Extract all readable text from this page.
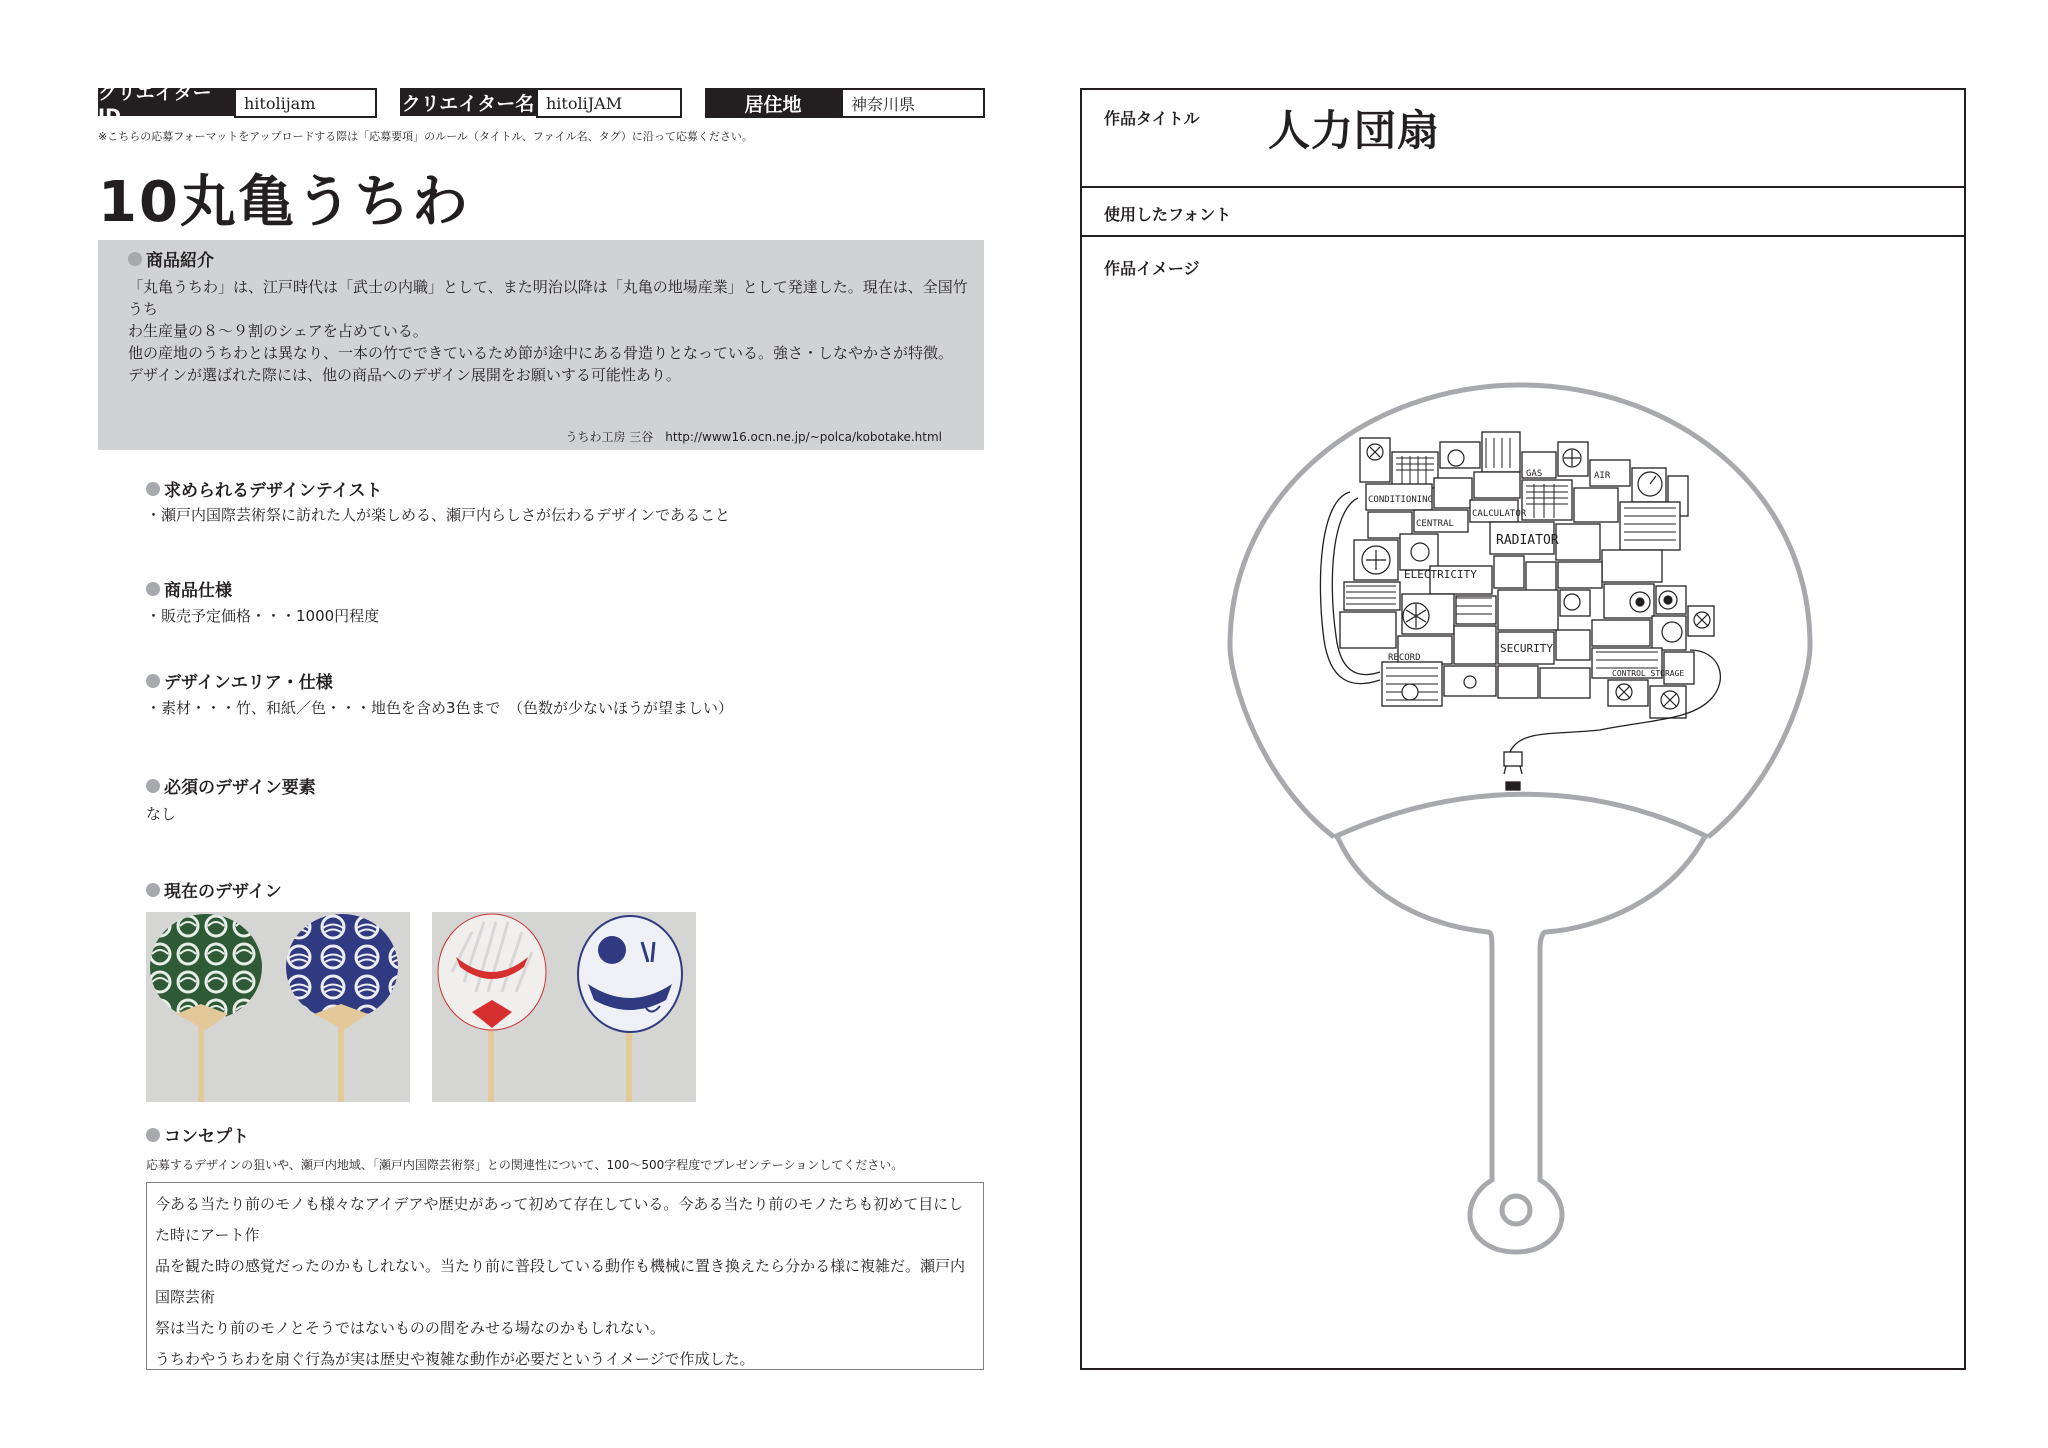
クリエイターID
hitolijam	クリエイター名 hitoliJAM	居住地	神奈川県
※こちらの応募フォーマットをアップロードする際は「応募要項」のルール（タイトル、ファイル名、タグ）に沿って応募ください。
10丸亀うちわ
商品紹介
「丸亀うちわ」は、江戸時代は「武士の内職」として、また明治以降は「丸亀の地場産業」として発達した。現在は、全国竹うち
わ生産量の８～９割のシェアを占めている。
他の産地のうちわとは異なり、一本の竹でできているため節が途中にある骨造りとなっている。強さ・しなやかさが特徴。
デザインが選ばれた際には、他の商品へのデザイン展開をお願いする可能性あり。
うちわ工房 三谷　http://www16.ocn.ne.jp/~polca/kobotake.html
求められるデザインテイスト
・瀬戸内国際芸術祭に訪れた人が楽しめる、瀬戸内らしさが伝わるデザインであること
商品仕様
・販売予定価格・・・1000円程度
デザインエリア・仕様
・素材・・・竹、和紙／色・・・地色を含め3色まで　（色数が少ないほうが望ましい）
必須のデザイン要素
なし
現在のデザイン
コンセプト
応募するデザインの狙いや、瀬戸内地域、「瀬戸内国際芸術祭」との関連性について、100～500字程度でプレゼンテーションしてください。
今ある当たり前のモノも様々なアイデアや歴史があって初めて存在している。今ある当たり前のモノたちも初めて目にした時にアート作
品を観た時の感覚だったのかもしれない。当たり前に普段している動作も機械に置き換えたら分かる様に複雑だ。瀬戸内国際芸術
祭は当たり前のモノとそうではないものの間をみせる場なのかもしれない。
うちわやうちわを扇ぐ行為が実は歴史や複雑な動作が必要だというイメージで作成した。
作品タイトル 人力団扇
使用したフォント
作品イメージ
CONDITIONING
CENTRAL
CALCULATOR
RADIATOR
ELECTRICITY
SECURITY
RECORD
CONTROL STORAGE
GAS	AIR
